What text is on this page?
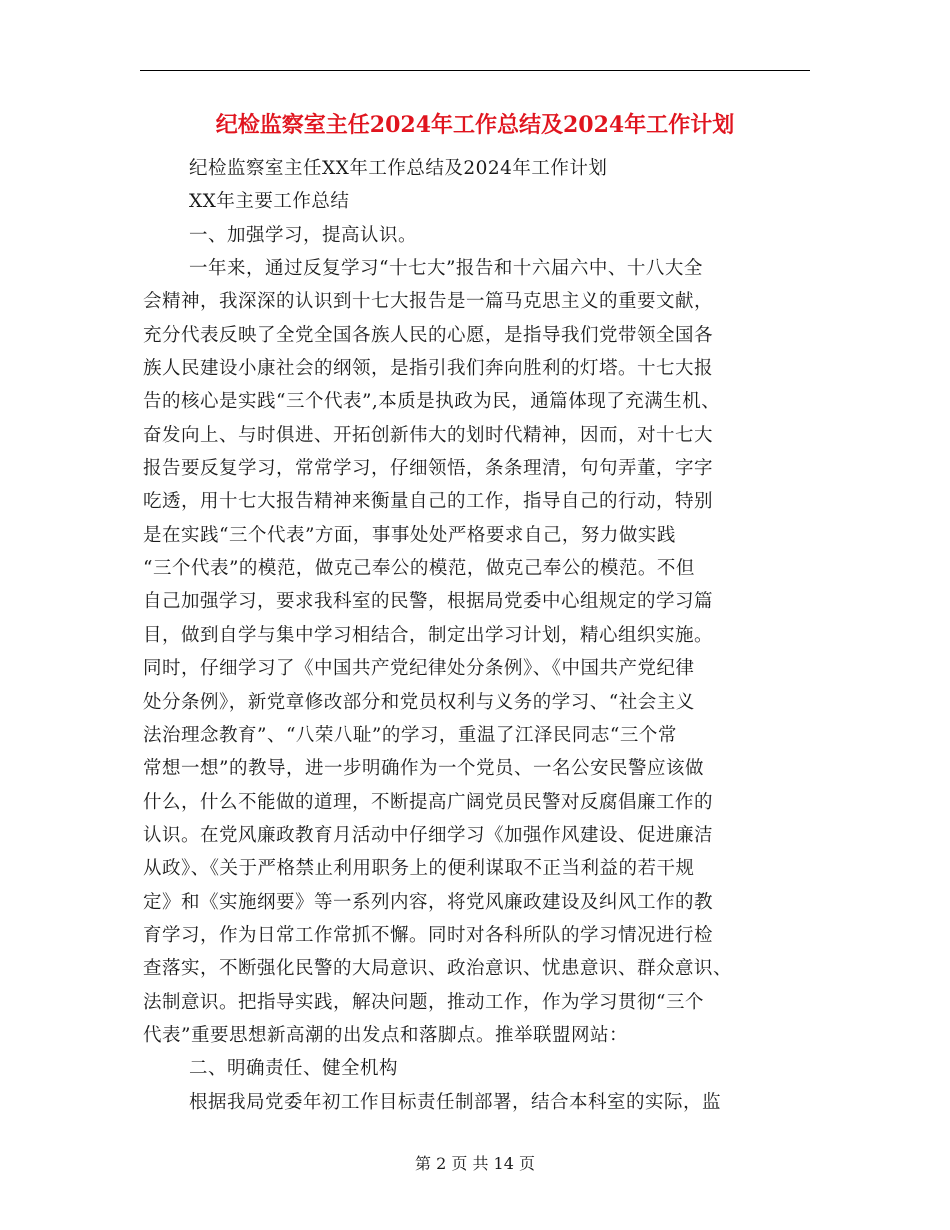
纪检监察室主任2024年工作总结及2024年工作计划
纪检监察室主任XX年工作总结及2024年工作计划
XX年主要工作总结
一、加强学习，提高认识。
一年来，通过反复学习“十七大”报告和十六届六中、十八大全
会精神，我深深的认识到十七大报告是一篇马克思主义的重要文献，
充分代表反映了全党全国各族人民的心愿，是指导我们党带领全国各
族人民建设小康社会的纲领，是指引我们奔向胜利的灯塔。十七大报
告的核心是实践“三个代表”,本质是执政为民，通篇体现了充满生机、
奋发向上、与时俱进、开拓创新伟大的划时代精神，因而，对十七大
报告要反复学习，常常学习，仔细领悟，条条理清，句句弄董，字字
吃透，用十七大报告精神来衡量自己的工作，指导自己的行动，特别
是在实践“三个代表”方面，事事处处严格要求自己，努力做实践
“三个代表”的模范，做克己奉公的模范，做克己奉公的模范。不但
自己加强学习，要求我科室的民警，根据局党委中心组规定的学习篇
目，做到自学与集中学习相结合，制定出学习计划，精心组织实施。
同时，仔细学习了《中国共产党纪律处分条例》、《中国共产党纪律
处分条例》，新党章修改部分和党员权利与义务的学习、“社会主义
法治理念教育”、“八荣八耻”的学习，重温了江泽民同志“三个常
常想一想”的教导，进一步明确作为一个党员、一名公安民警应该做
什么，什么不能做的道理，不断提高广阔党员民警对反腐倡廉工作的
认识。在党风廉政教育月活动中仔细学习《加强作风建设、促进廉洁
从政》、《关于严格禁止利用职务上的便利谋取不正当利益的若干规
定》和《实施纲要》等一系列内容，将党风廉政建设及纠风工作的教
育学习，作为日常工作常抓不懈。同时对各科所队的学习情况进行检
查落实，不断强化民警的大局意识、政治意识、忧患意识、群众意识、
法制意识。把指导实践，解决问题，推动工作，作为学习贯彻“三个
代表”重要思想新高潮的出发点和落脚点。推举联盟网站：
二、明确责任、健全机构
根据我局党委年初工作目标责任制部署，结合本科室的实际，监
第 2 页 共 14 页
